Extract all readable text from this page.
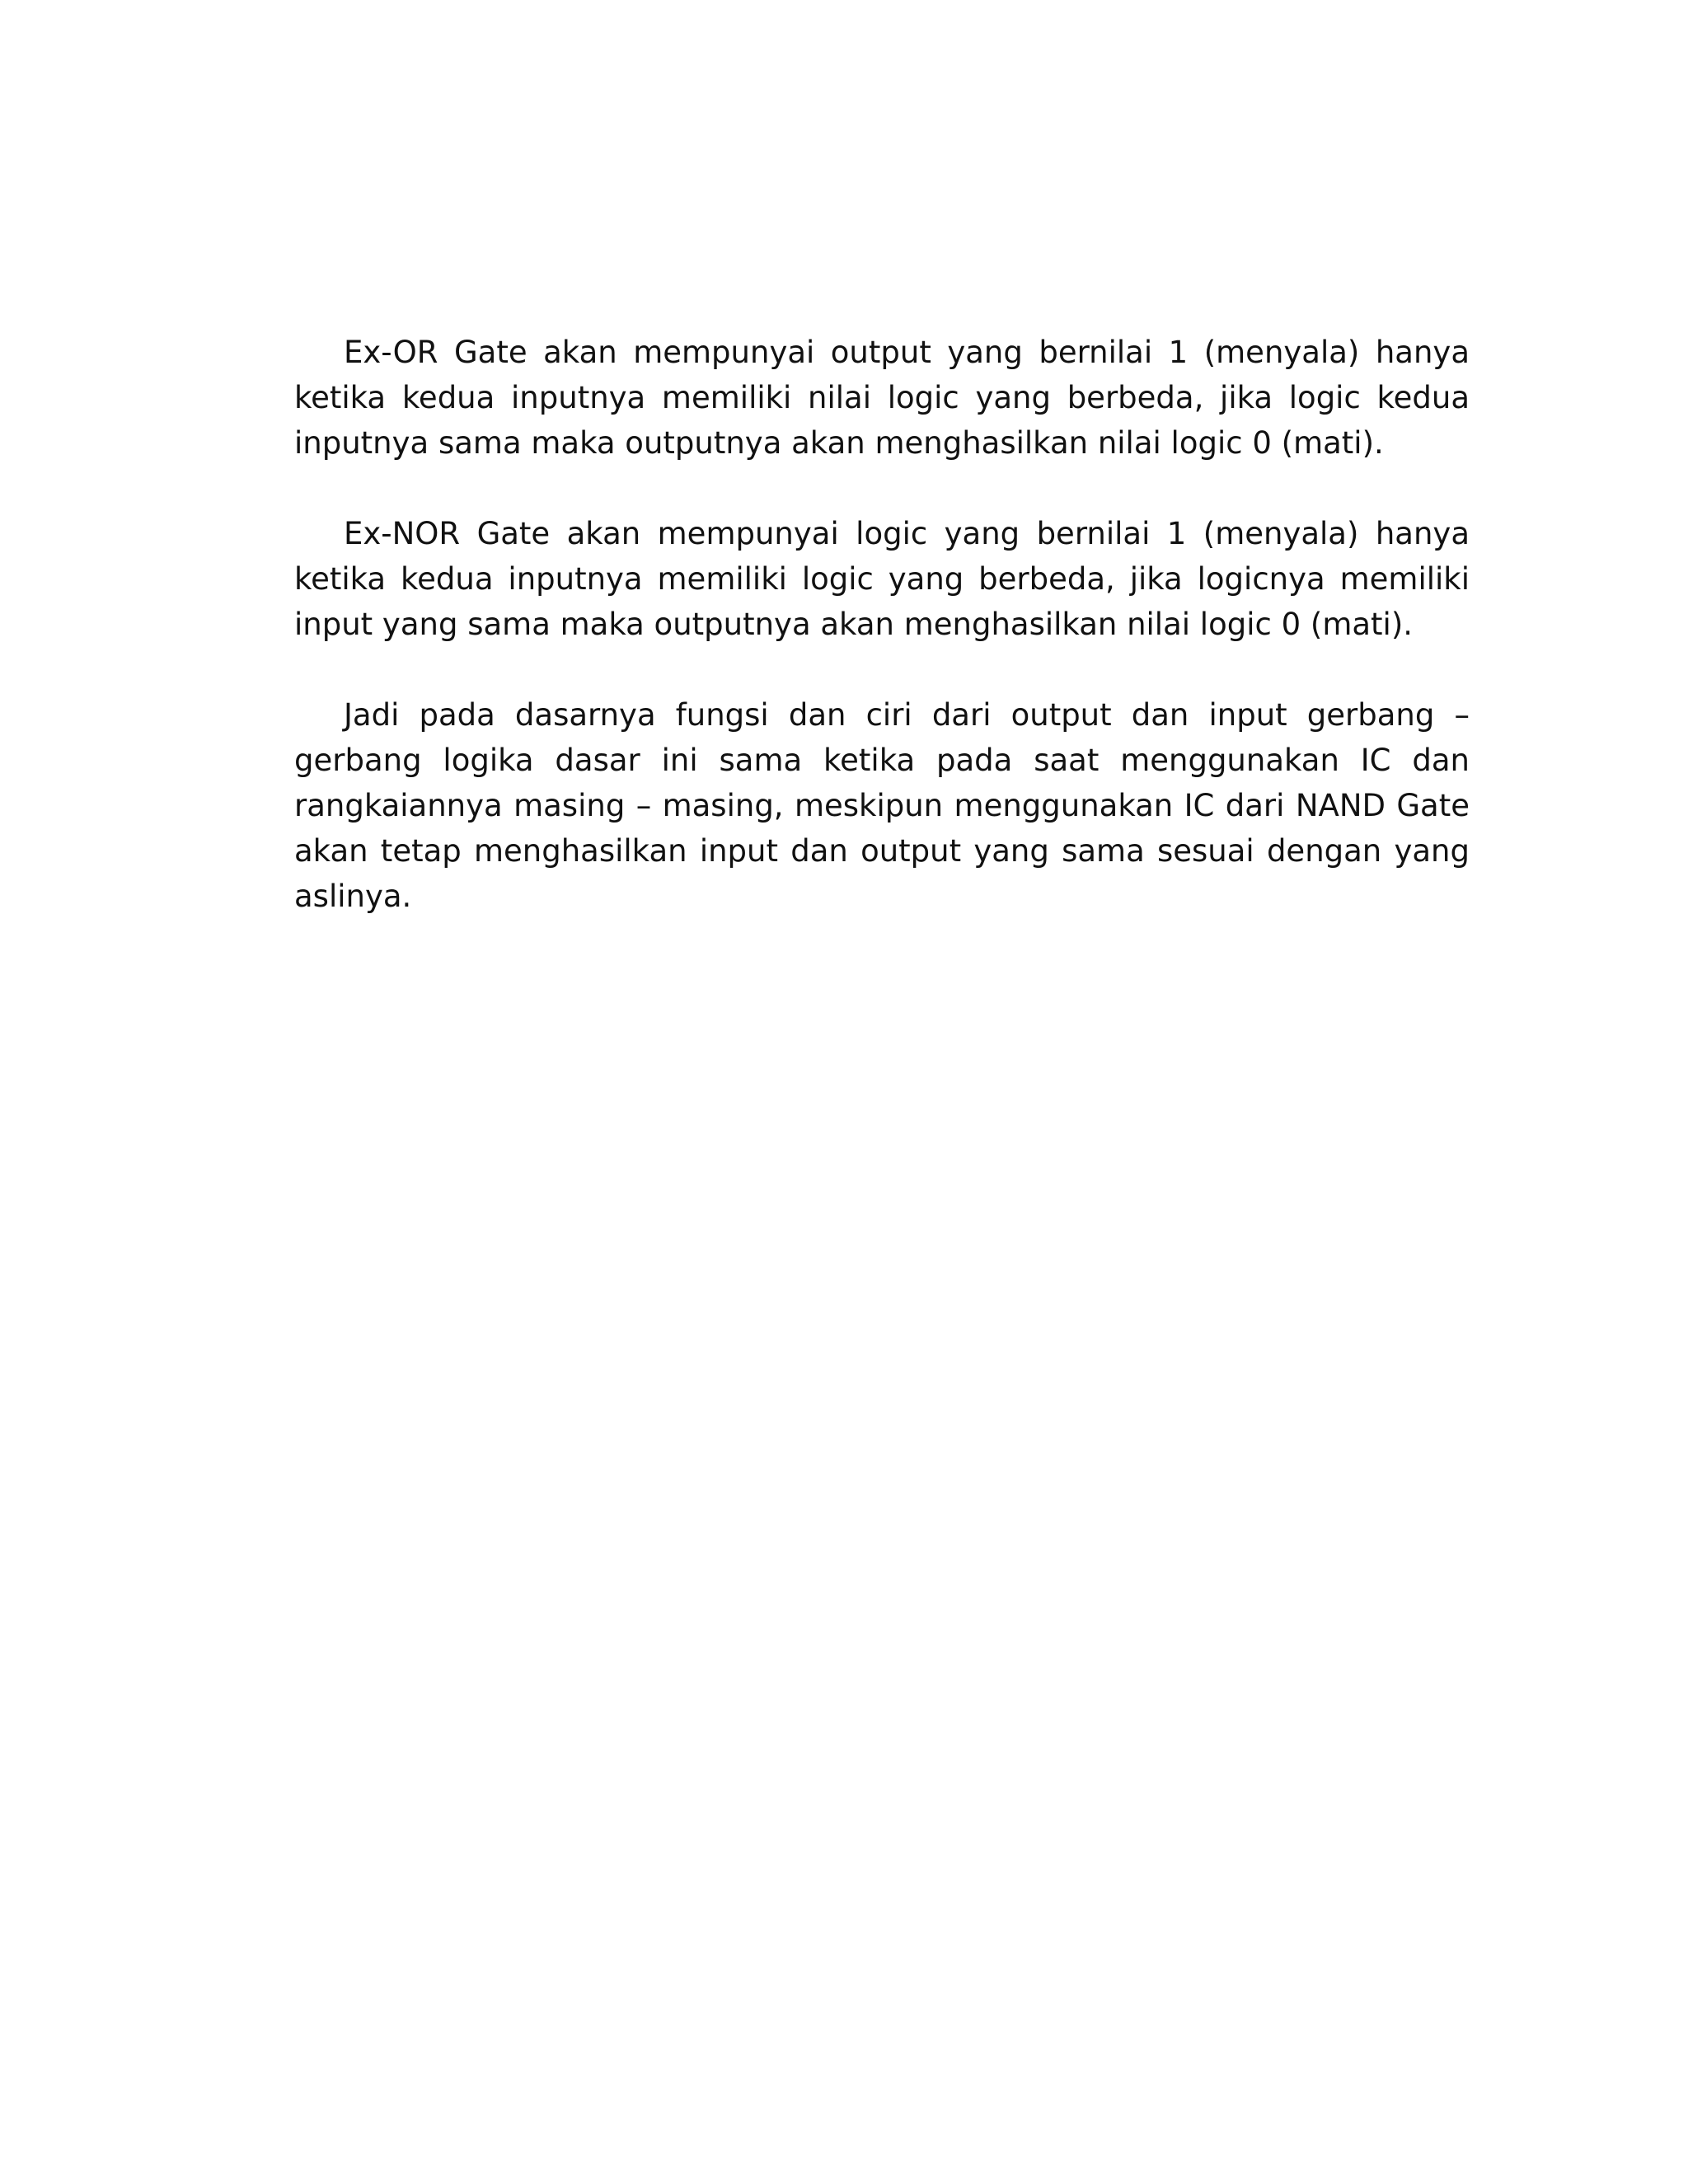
Ex-OR Gate akan mempunyai output yang bernilai 1 (menyala) hanya ketika kedua inputnya memiliki nilai logic yang berbeda, jika logic kedua inputnya sama maka outputnya akan menghasilkan nilai logic 0 (mati).

Ex-NOR Gate akan mempunyai logic yang bernilai 1 (menyala) hanya ketika kedua inputnya memiliki logic yang berbeda, jika logicnya memiliki input yang sama maka outputnya akan menghasilkan nilai logic 0 (mati).

Jadi pada dasarnya fungsi dan ciri dari output dan input gerbang – gerbang logika dasar ini sama ketika pada saat menggunakan IC dan rangkaiannya masing – masing, meskipun menggunakan IC dari NAND Gate akan tetap menghasilkan input dan output yang sama sesuai dengan yang aslinya.
